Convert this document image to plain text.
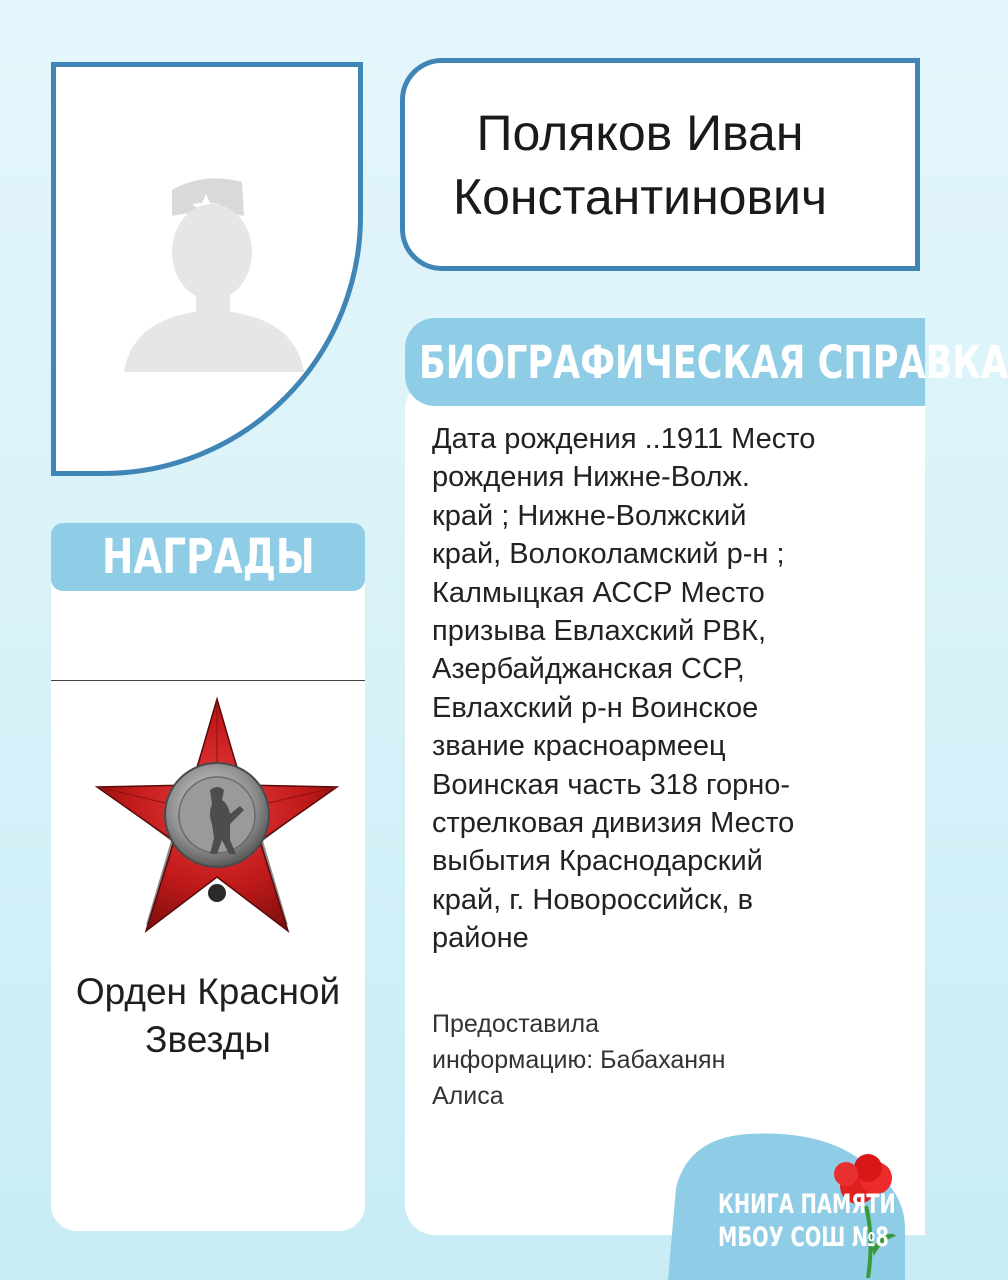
Поляков Иван
Константинович
БИОГРАФИЧЕСКАЯ СПРАВКА
Дата рождения ..1911 Место
рождения Нижне-Волж.
край ; Нижне-Волжский
край, Волоколамский р-н ;
Калмыцкая АССР Место
призыва Евлахский РВК,
Азербайджанская ССР,
Евлахский р-н Воинское
звание красноармеец
Воинская часть 318 горно-
стрелковая дивизия Место
выбытия Краснодарский
край, г. Новороссийск, в
районе
Предоставила
информацию: Бабаханян
Алиса
НАГРАДЫ
Орден Красной
Звезды
КНИГА ПАМЯТИ
МБОУ СОШ №8
